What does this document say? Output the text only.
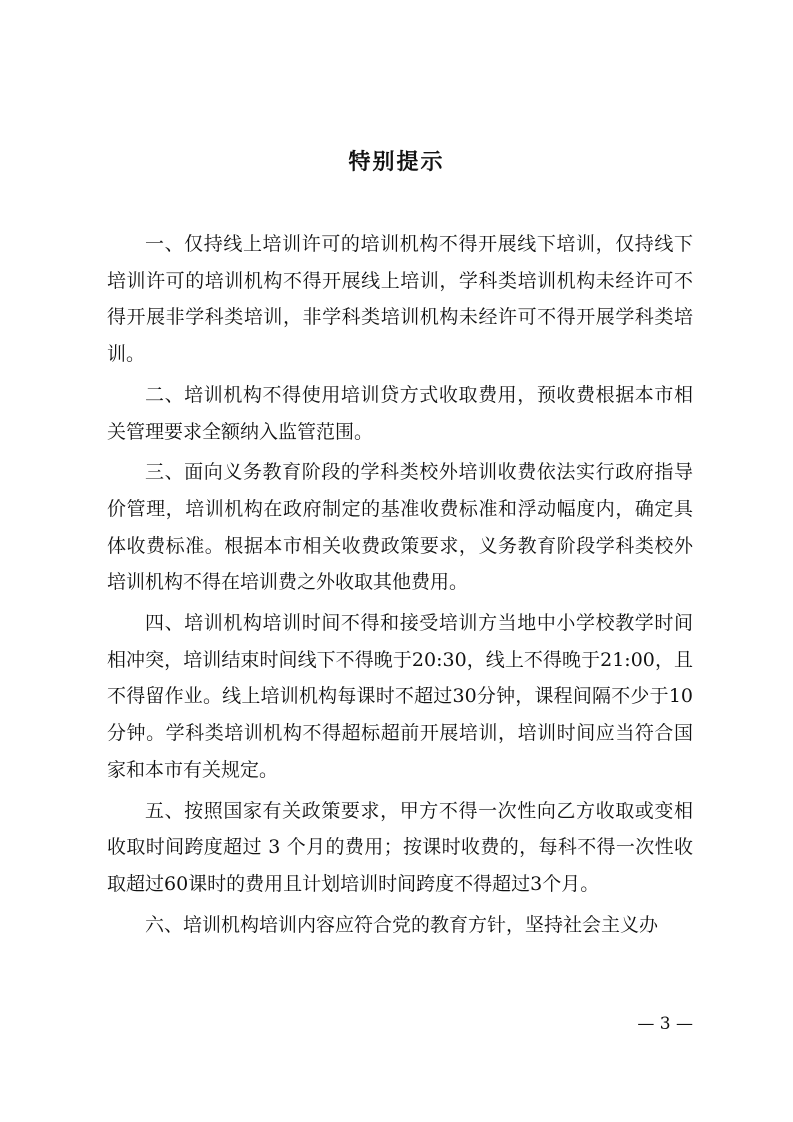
特别提示

一、仅持线上培训许可的培训机构不得开展线下培训，仅持线下培训许可的培训机构不得开展线上培训，学科类培训机构未经许可不得开展非学科类培训，非学科类培训机构未经许可不得开展学科类培训。

二、培训机构不得使用培训贷方式收取费用，预收费根据本市相关管理要求全额纳入监管范围。

三、面向义务教育阶段的学科类校外培训收费依法实行政府指导价管理，培训机构在政府制定的基准收费标准和浮动幅度内，确定具体收费标准。根据本市相关收费政策要求，义务教育阶段学科类校外培训机构不得在培训费之外收取其他费用。

四、培训机构培训时间不得和接受培训方当地中小学校教学时间相冲突，培训结束时间线下不得晚于20:30，线上不得晚于21:00，且不得留作业。线上培训机构每课时不超过30分钟，课程间隔不少于10分钟。学科类培训机构不得超标超前开展培训，培训时间应当符合国家和本市有关规定。

五、按照国家有关政策要求，甲方不得一次性向乙方收取或变相收取时间跨度超过 3 个月的费用；按课时收费的，每科不得一次性收取超过60课时的费用且计划培训时间跨度不得超过3个月。

六、培训机构培训内容应符合党的教育方针，坚持社会主义办

— 3 —
